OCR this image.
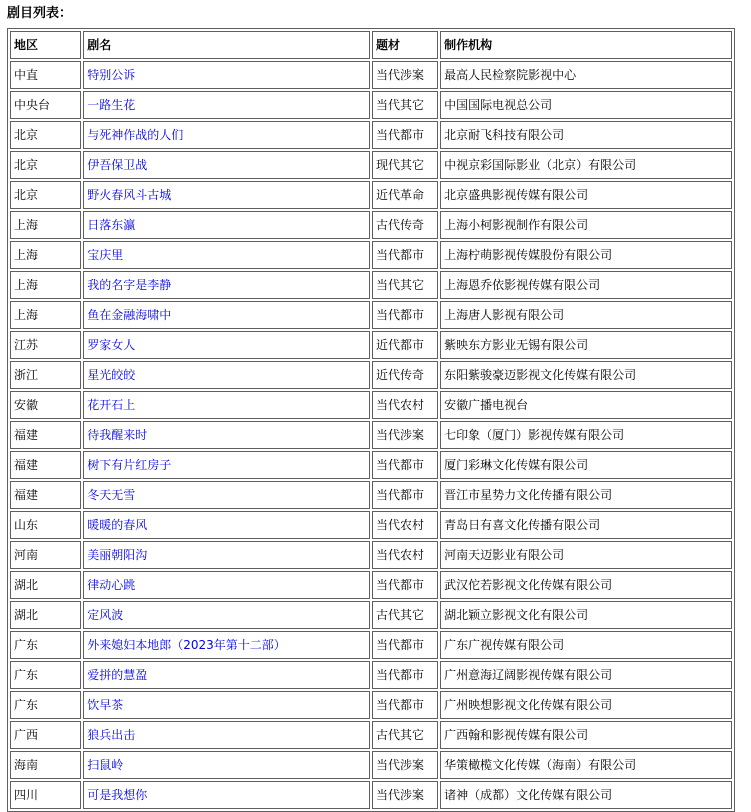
剧目列表：
地区	剧名	题材	制作机构
中直	特别公诉	当代涉案	最高人民检察院影视中心
中央台	一路生花	当代其它	中国国际电视总公司
北京	与死神作战的人们	当代都市	北京耐飞科技有限公司
北京	伊吾保卫战	现代其它	中视京彩国际影业（北京）有限公司
北京	野火春风斗古城	近代革命	北京盛典影视传媒有限公司
上海	日落东瀛	古代传奇	上海小柯影视制作有限公司
上海	宝庆里	当代都市	上海柠萌影视传媒股份有限公司
上海	我的名字是李静	当代其它	上海恩乔依影视传媒有限公司
上海	鱼在金融海啸中	当代都市	上海唐人影视有限公司
江苏	罗家女人	近代都市	紫映东方影业无锡有限公司
浙江	星光皎皎	近代传奇	东阳紫骏豪迈影视文化传媒有限公司
安徽	花开石上	当代农村	安徽广播电视台
福建	待我醒来时	当代涉案	七印象（厦门）影视传媒有限公司
福建	树下有片红房子	当代都市	厦门彩琳文化传媒有限公司
福建	冬天无雪	当代都市	晋江市星势力文化传播有限公司
山东	暖暖的春风	当代农村	青岛日有喜文化传播有限公司
河南	美丽朝阳沟	当代农村	河南天迈影业有限公司
湖北	律动心跳	当代都市	武汉佗若影视文化传媒有限公司
湖北	定风波	古代其它	湖北颖立影视文化有限公司
广东	外来媳妇本地郎（2023年第十二部）	当代都市	广东广视传媒有限公司
广东	爱拼的慧盈	当代都市	广州意海辽阔影视传媒有限公司
广东	饮早茶	当代都市	广州映想影视文化传媒有限公司
广西	狼兵出击	古代其它	广西翰和影视传媒有限公司
海南	扫鼠岭	当代涉案	华策橄榄文化传媒（海南）有限公司
四川	可是我想你	当代涉案	诸神（成都）文化传媒有限公司
